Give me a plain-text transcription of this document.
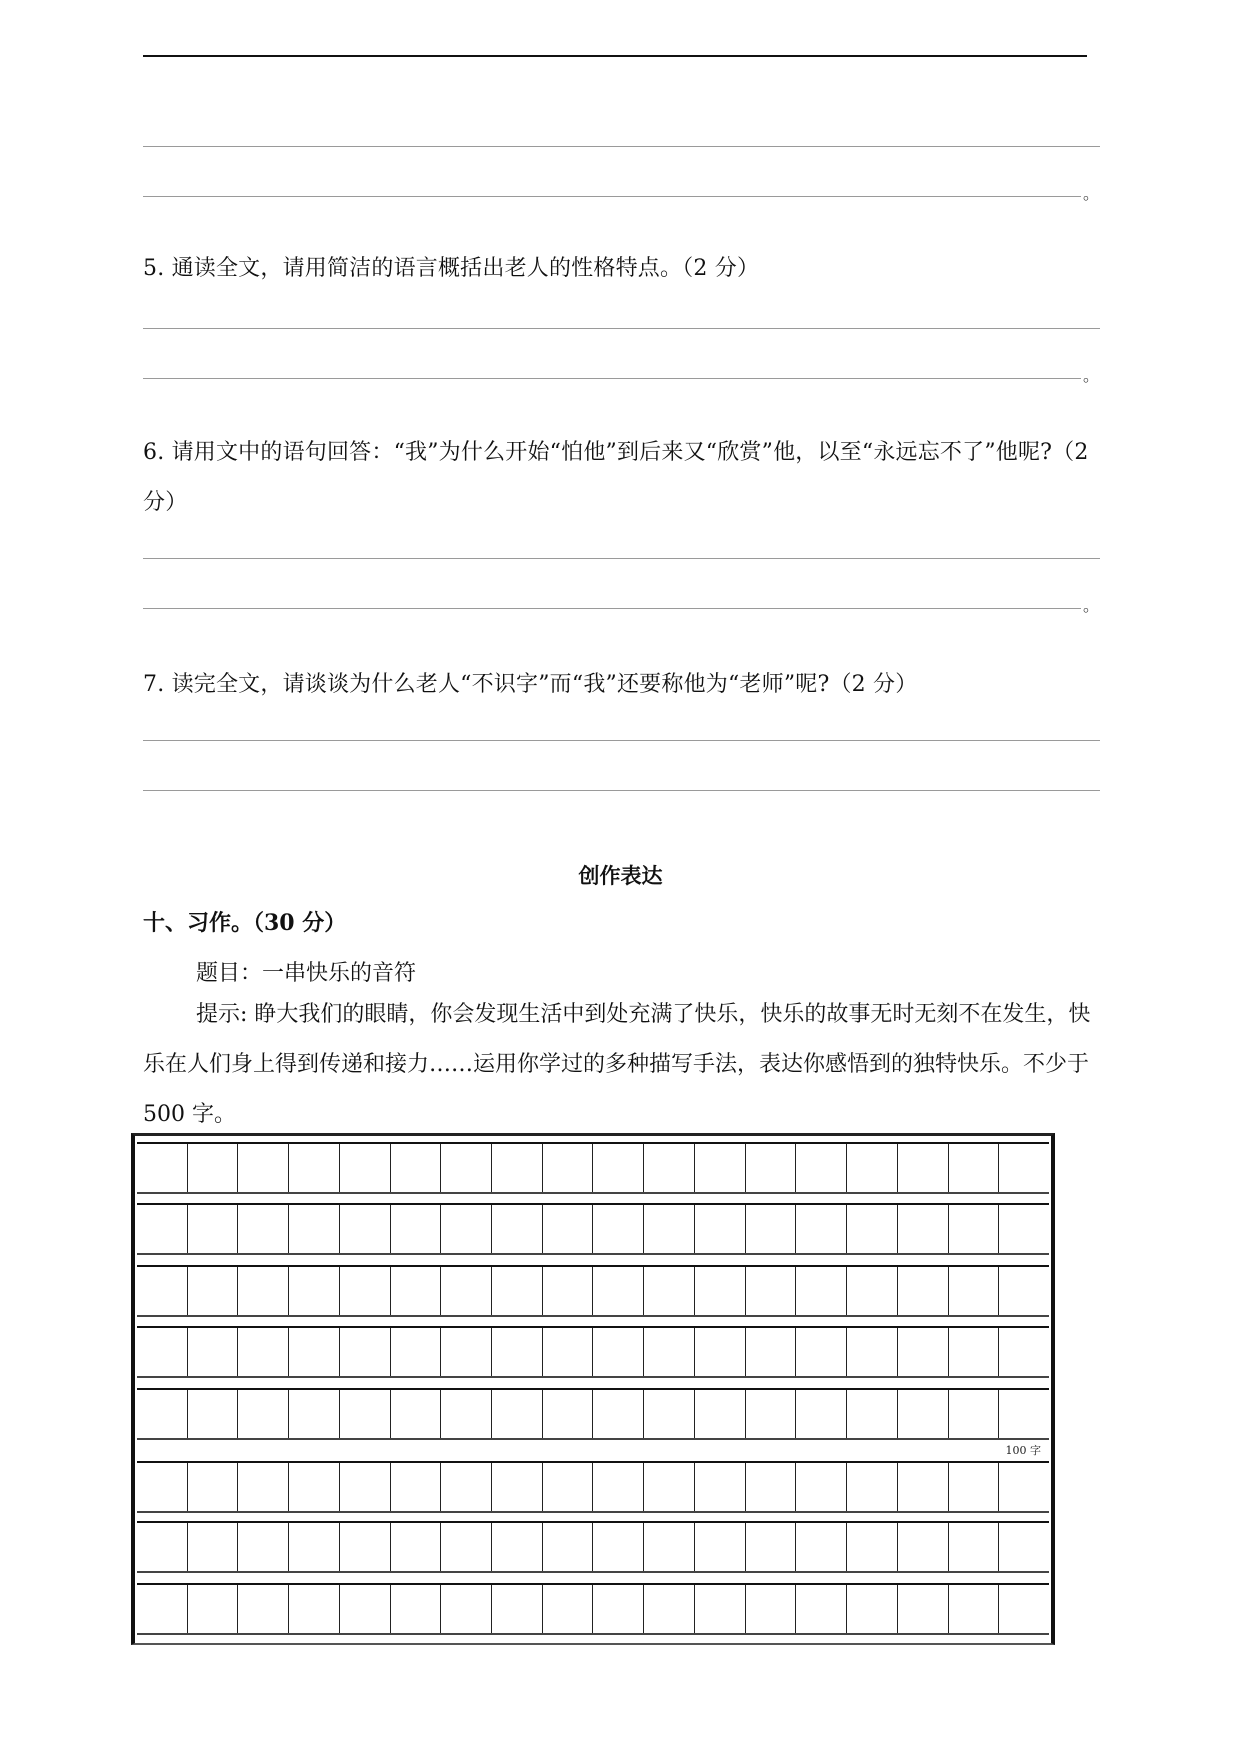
。
5. 通读全文，请用简洁的语言概括出老人的性格特点。（2 分）
。
6. 请用文中的语句回答：“我”为什么开始“怕他”到后来又“欣赏”他，以至“永远忘不了”他呢?（2 分）
。
7. 读完全文，请谈谈为什么老人“不识字”而“我”还要称他为“老师”呢?（2 分）
创作表达
十、习作。（30 分）
题目：一串快乐的音符
提示: 睁大我们的眼睛，你会发现生活中到处充满了快乐，快乐的故事无时无刻不在发生，快乐在人们身上得到传递和接力……运用你学过的多种描写手法，表达你感悟到的独特快乐。不少于 500 字。
100 字
